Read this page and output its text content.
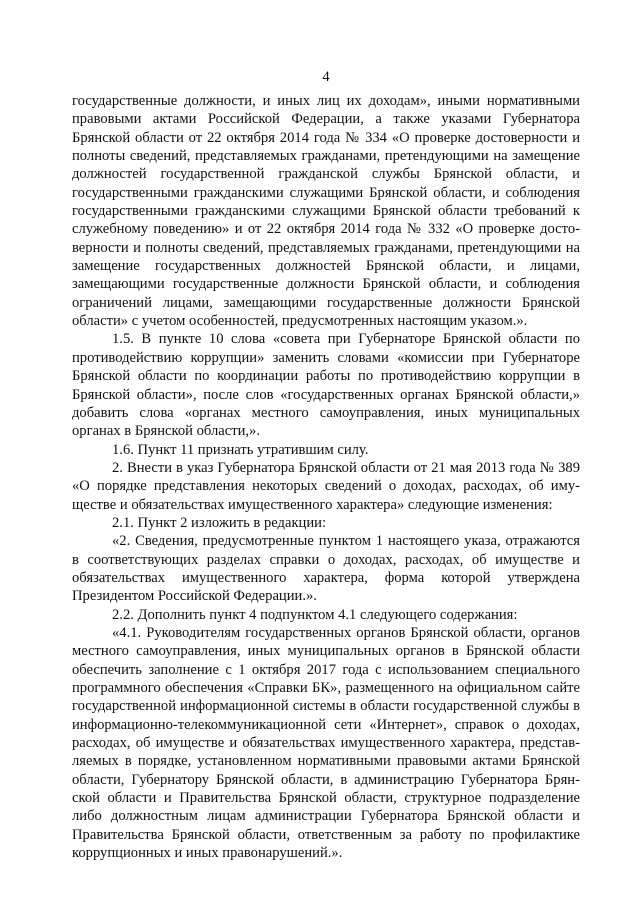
4

государственные должности, и иных лиц их доходам», иными нормативными правовыми актами Российской Федерации, а также указами Губернатора Брянской области от 22 октября 2014 года № 334 «О проверке достоверности и полноты сведений, представляемых гражданами, претендующими на замещение должностей государственной гражданской службы Брянской области, и государственными гражданскими служащими Брянской области, и соблюдения государственными гражданскими служащими Брянской области требований к служебному поведению» и от 22 октября 2014 года № 332 «О проверке достоверности и полноты сведений, представляемых гражданами, претендующими на замещение государственных должностей Брянской области, и лицами, замещающими государственные должности Брянской области, и соблюдения ограничений лицами, замещающими государственные должности Брянской области» с учетом особенностей, предусмотренных настоящим указом.».

1.5. В пункте 10 слова «совета при Губернаторе Брянской области по противодействию коррупции» заменить словами «комиссии при Губернаторе Брянской области по координации работы по противодействию коррупции в Брянской области», после слов «государственных органах Брянской области,» добавить слова «органах местного самоуправления, иных муниципальных органах в Брянской области,».

1.6. Пункт 11 признать утратившим силу.

2. Внести в указ Губернатора Брянской области от 21 мая 2013 года № 389 «О порядке представления некоторых сведений о доходах, расходах, об имуществе и обязательствах имущественного характера» следующие изменения:

2.1. Пункт 2 изложить в редакции:

«2. Сведения, предусмотренные пунктом 1 настоящего указа, отражаются в соответствующих разделах справки о доходах, расходах, об имуществе и обязательствах имущественного характера, форма которой утверждена Президентом Российской Федерации.».

2.2. Дополнить пункт 4 подпунктом 4.1 следующего содержания:

«4.1. Руководителям государственных органов Брянской области, органов местного самоуправления, иных муниципальных органов в Брянской области обеспечить заполнение с 1 октября 2017 года с использованием специального программного обеспечения «Справки БК», размещенного на официальном сайте государственной информационной системы в области государственной службы в информационно-телекоммуникационной сети «Интернет», справок о доходах, расходах, об имуществе и обязательствах имущественного характера, представляемых в порядке, установленном нормативными правовыми актами Брянской области, Губернатору Брянской области, в администрацию Губернатора Брянской области и Правительства Брянской области, структурное подразделение либо должностным лицам администрации Губернатора Брянской области и Правительства Брянской области, ответственным за работу по профилактике коррупционных и иных правонарушений.».
